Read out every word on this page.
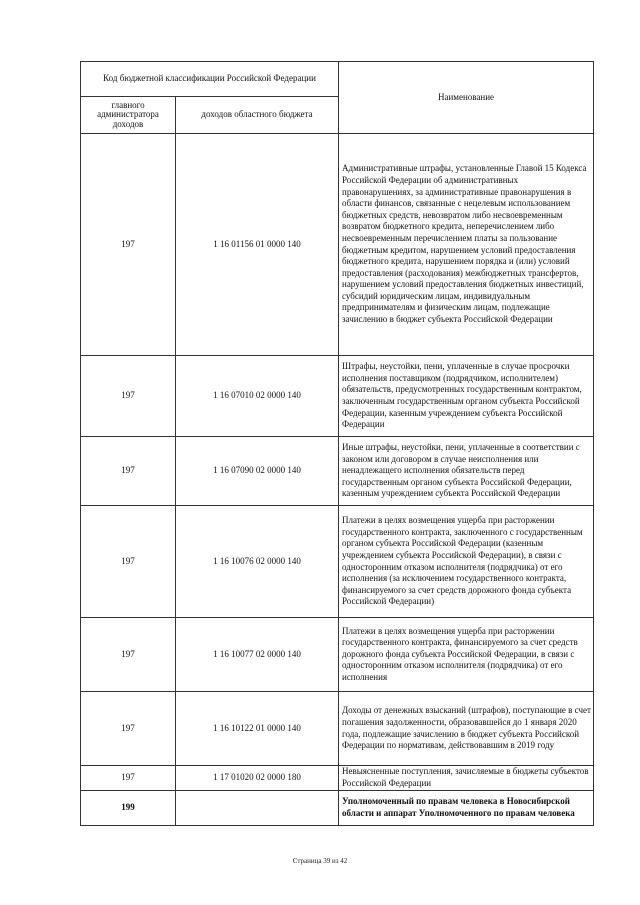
Код бюджетной классификации Российской Федерации		Наименование
главного администратора доходов	доходов областного бюджета	
197	1 16 01156 01 0000 140	Административные штрафы, установленные Главой 15 Кодекса Российской Федерации об административных правонарушениях, за административные правонарушения в области финансов, связанные с нецелевым использованием бюджетных средств, невозвратом либо несвоевременным возвратом бюджетного кредита, неперечислением либо несвоевременным перечислением платы за пользование бюджетным кредитом, нарушением условий предоставления бюджетного кредита, нарушением порядка и (или) условий предоставления (расходования) межбюджетных трансфертов, нарушением условий предоставления бюджетных инвестиций, субсидий юридическим лицам, индивидуальным предпринимателям и физическим лицам, подлежащие зачислению в бюджет субъекта Российской Федерации
197	1 16 07010 02 0000 140	Штрафы, неустойки, пени, уплаченные в случае просрочки исполнения поставщиком (подрядчиком, исполнителем) обязательств, предусмотренных государственным контрактом, заключенным государственным органом субъекта Российской Федерации, казенным учреждением субъекта Российской Федерации
197	1 16 07090 02 0000 140	Иные штрафы, неустойки, пени, уплаченные в соответствии с законом или договором в случае неисполнения или ненадлежащего исполнения обязательств перед государственным органом субъекта Российской Федерации, казенным учреждением субъекта Российской Федерации
197	1 16 10076 02 0000 140	Платежи в целях возмещения ущерба при расторжении государственного контракта, заключенного с государственным органом субъекта Российской Федерации (казенным учреждением субъекта Российской Федерации), в связи с односторонним отказом исполнителя (подрядчика) от его исполнения (за исключением государственного контракта, финансируемого за счет средств дорожного фонда субъекта Российской Федерации)
197	1 16 10077 02 0000 140	Платежи в целях возмещения ущерба при расторжении государственного контракта, финансируемого за счет средств дорожного фонда субъекта Российской Федерации, в связи с односторонним отказом исполнителя (подрядчика) от его исполнения
197	1 16 10122 01 0000 140	Доходы от денежных взысканий (штрафов), поступающие в счет погашения задолженности, образовавшейся до 1 января 2020 года, подлежащие зачислению в бюджет субъекта Российской Федерации по нормативам, действовавшим в 2019 году
197	1 17 01020 02 0000 180	Невыясненные поступления, зачисляемые в бюджеты субъектов Российской Федерации
199		Уполномоченный по правам человека в Новосибирской области и аппарат Уполномоченного по правам человека
Страница 39 из 42
